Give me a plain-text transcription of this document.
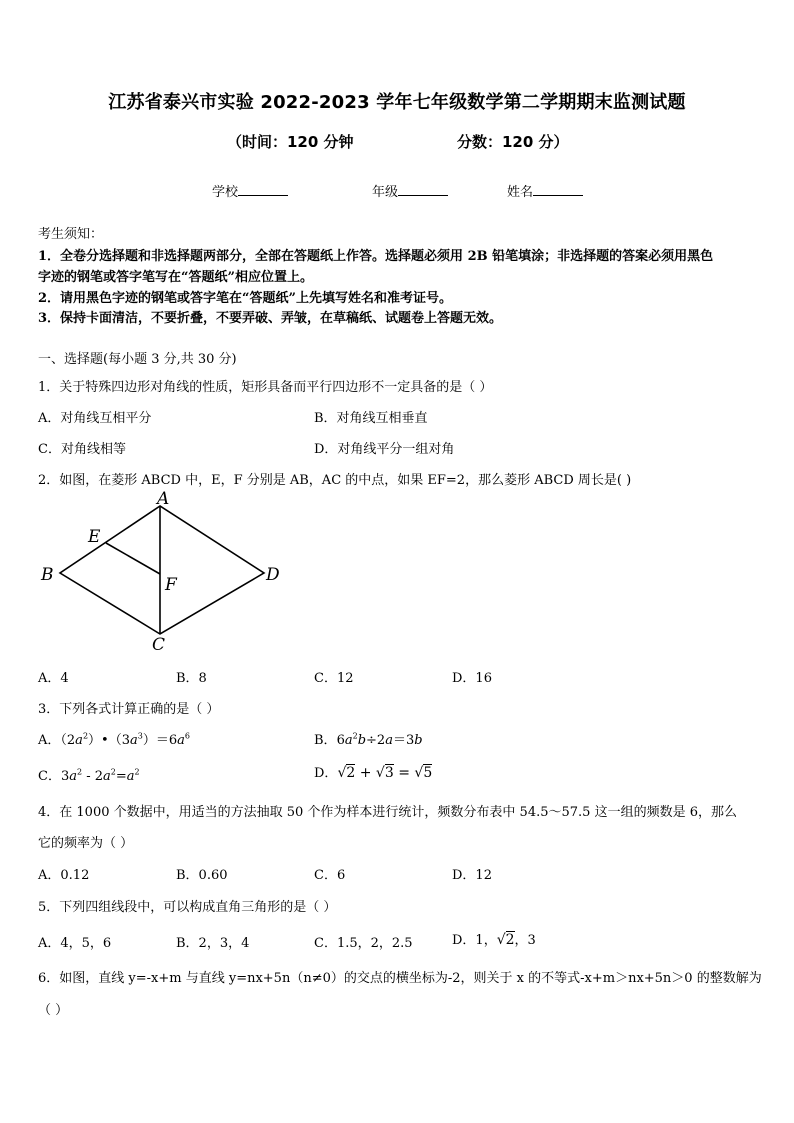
江苏省泰兴市实验 2022-2023 学年七年级数学第二学期期末监测试题
（时间：120 分钟	分数：120 分）
学校	年级	姓名
考生须知：
1．全卷分选择题和非选择题两部分，全部在答题纸上作答。选择题必须用 2B 铅笔填涂；非选择题的答案必须用黑色
字迹的钢笔或答字笔写在“答题纸”相应位置上。
2．请用黑色字迹的钢笔或答字笔在“答题纸”上先填写姓名和准考证号。
3．保持卡面清洁，不要折叠，不要弄破、弄皱，在草稿纸、试题卷上答题无效。
一、选择题(每小题 3 分,共 30 分)
1．关于特殊四边形对角线的性质，矩形具备而平行四边形不一定具备的是（ ）
A．对角线互相平分	B．对角线互相垂直
C．对角线相等	D．对角线平分一组对角
2．如图，在菱形 ABCD 中，E，F 分别是 AB，AC 的中点，如果 EF=2，那么菱形 ABCD 周长是( )
A
B
C
D
E
F
A．4	B．8	C．12	D．16
3．下列各式计算正确的是（ ）
A．$(2a^2)•(3a^3)=6a^6$	B．$6a^2b\div 2a=3b$
C．$3a^2 - 2a^2=a^2$	D．√2 + √3 = √5
4．在 1000 个数据中，用适当的方法抽取 50 个作为样本进行统计，频数分布表中 54.5～57.5 这一组的频数是 6，那么
它的频率为（ ）
A．0.12	B．0.60	C．6	D．12
5．下列四组线段中，可以构成直角三角形的是（ ）
A．4，5，6	B．2，3，4	C．1.5，2，2.5	D．1，√2，3
6．如图，直线 y=-x+m 与直线 y=nx+5n（n≠0）的交点的横坐标为-2，则关于 x 的不等式-x+m＞nx+5n＞0 的整数解为
（ ）
